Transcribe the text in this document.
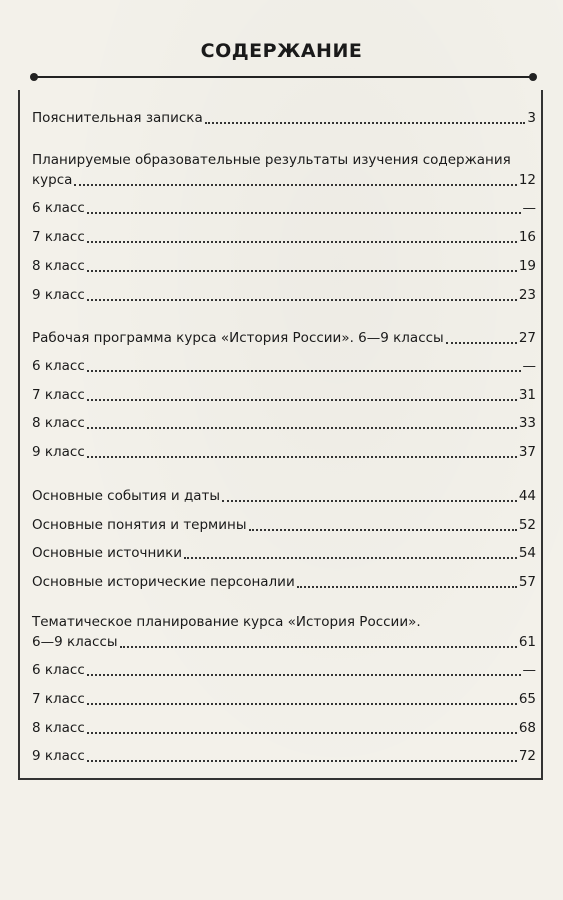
СОДЕРЖАНИЕ
Пояснительная записка	3
Планируемые образовательные результаты изучения содержания
курса	12
6 класс	—
7 класс	16
8 класс	19
9 класс	23
Рабочая программа курса «История России». 6—9 классы	27
6 класс	—
7 класс	31
8 класс	33
9 класс	37
Основные события и даты	44
Основные понятия и термины	52
Основные источники	54
Основные исторические персоналии	57
Тематическое планирование курса «История России».
6—9 классы	61
6 класс	—
7 класс	65
8 класс	68
9 класс	72
